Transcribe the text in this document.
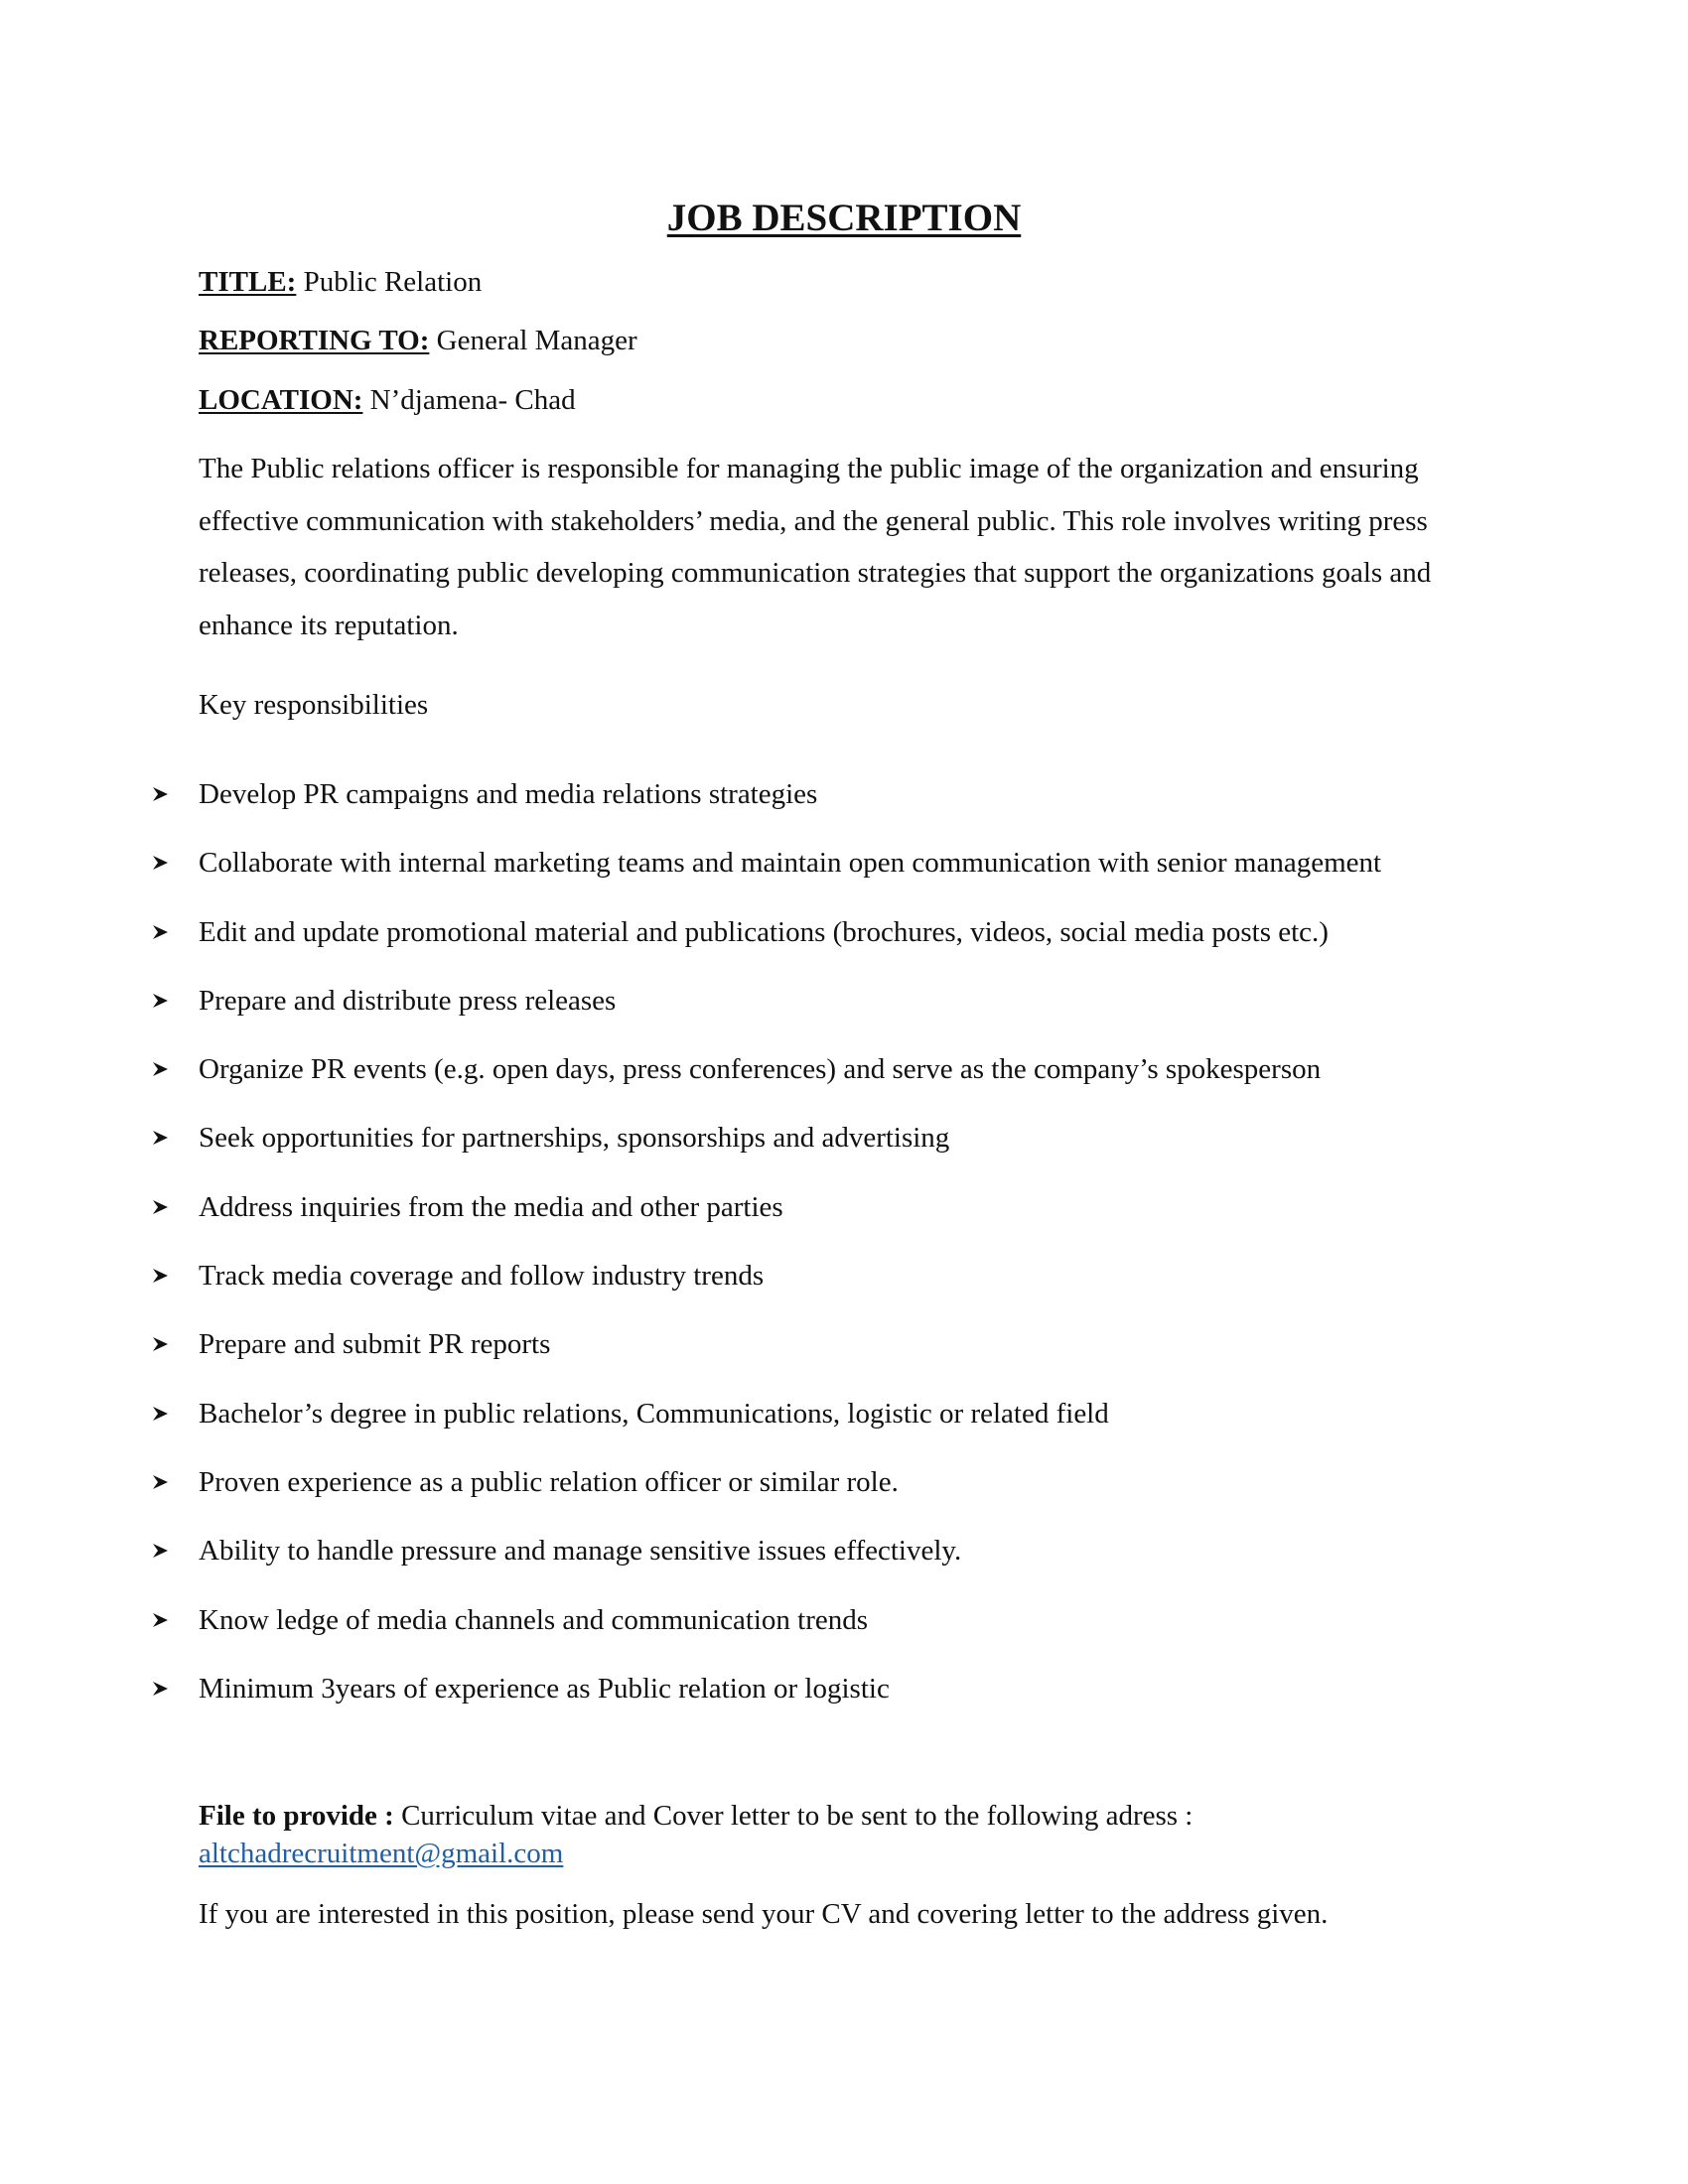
JOB DESCRIPTION

TITLE: Public Relation

REPORTING TO: General Manager

LOCATION: N’djamena- Chad

The Public relations officer is responsible for managing the public image of the organization and ensuring effective communication with stakeholders’ media, and the general public. This role involves writing press releases, coordinating public developing communication strategies that support the organizations goals and enhance its reputation.

Key responsibilities

Develop PR campaigns and media relations strategies
Collaborate with internal marketing teams and maintain open communication with senior management
Edit and update promotional material and publications (brochures, videos, social media posts etc.)
Prepare and distribute press releases
Organize PR events (e.g. open days, press conferences) and serve as the company’s spokesperson
Seek opportunities for partnerships, sponsorships and advertising
Address inquiries from the media and other parties
Track media coverage and follow industry trends
Prepare and submit PR reports
Bachelor’s degree in public relations, Communications, logistic or related field
Proven experience as a public relation officer or similar role.
Ability to handle pressure and manage sensitive issues effectively.
Know ledge of media channels and communication trends
Minimum 3years of experience as Public relation or logistic

File to provide : Curriculum vitae and Cover letter to be sent to the following adress :
altchadrecruitment@gmail.com

If you are interested in this position, please send your CV and covering letter to the address given.
